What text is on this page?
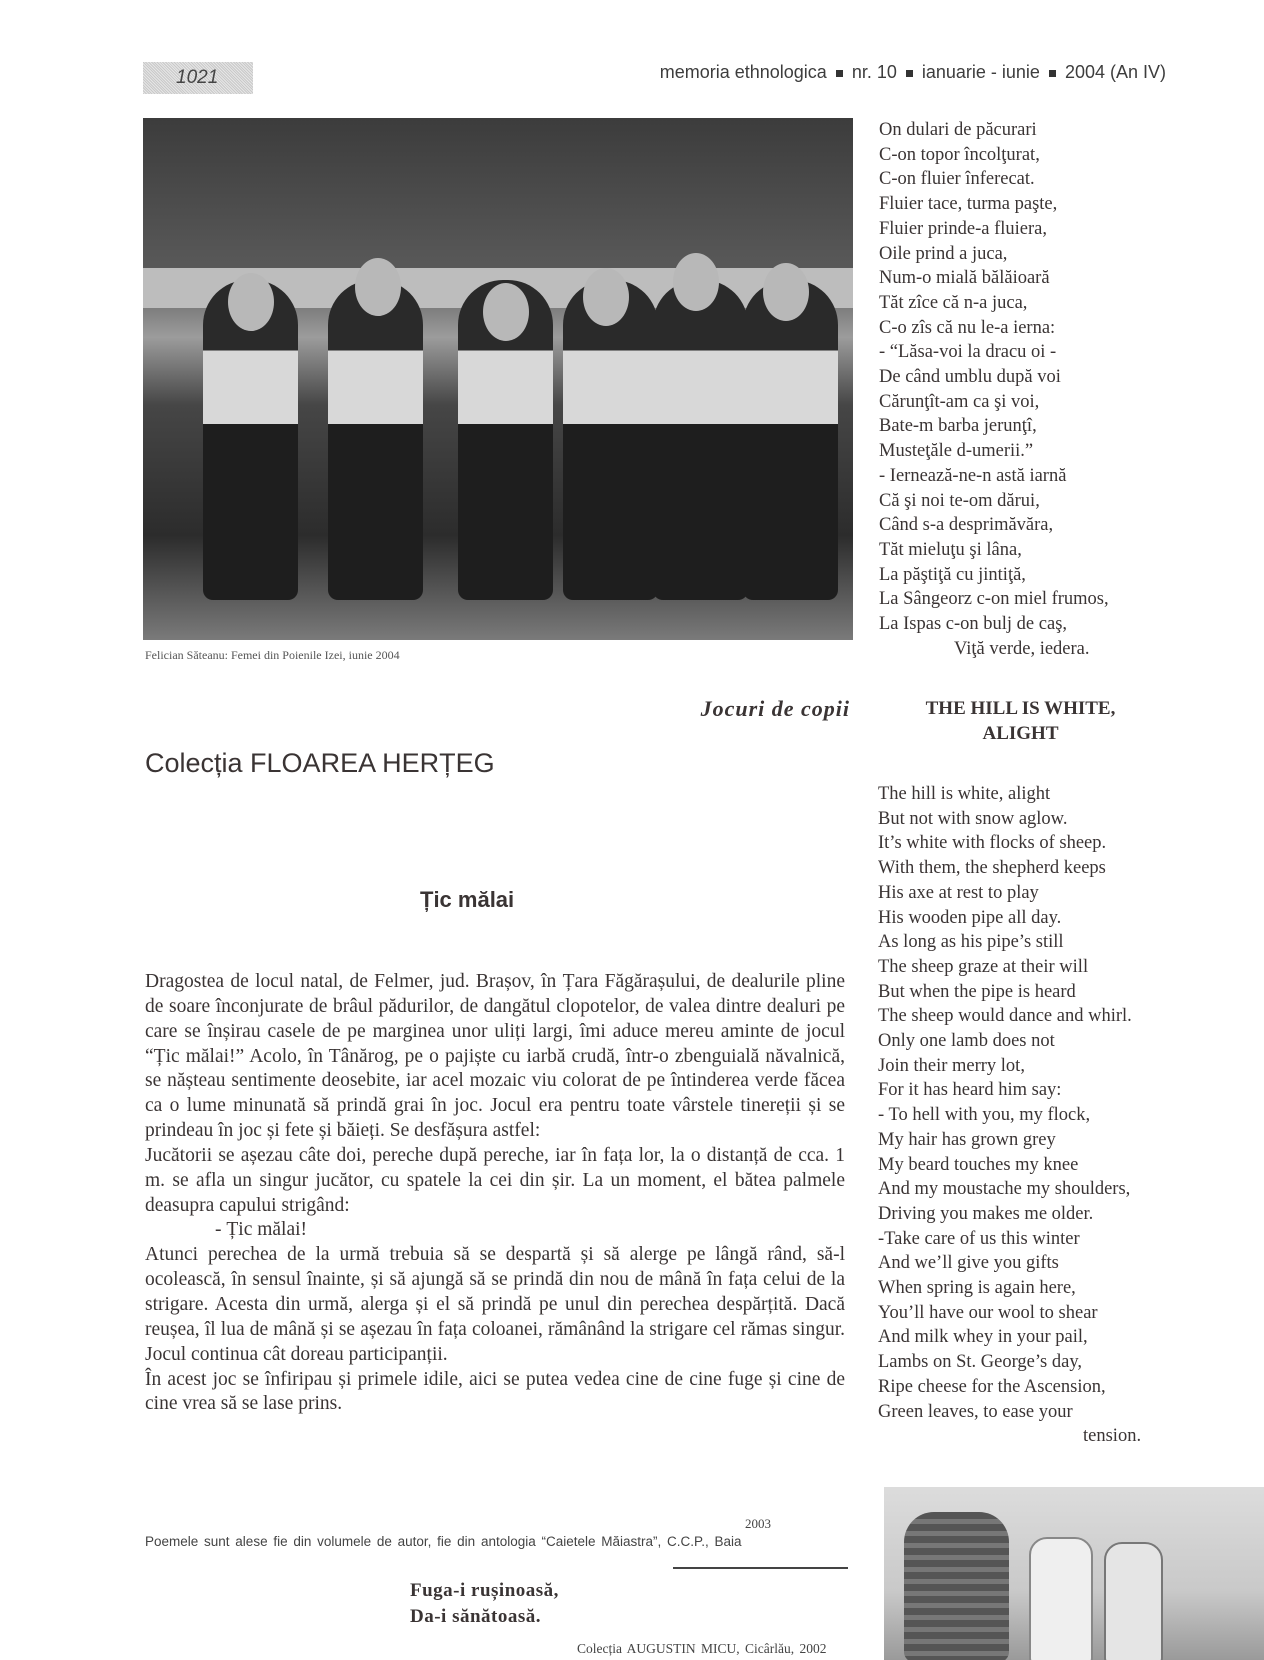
1021	memoria ethnologica nr. 10 ianuarie - iunie 2004 (An IV)
Felician Săteanu: Femei din Poienile Izei, iunie 2004
On dulari de păcurari
C-on topor încolţurat,
C-on fluier înferecat.
Fluier tace, turma paşte,
Fluier prinde-a fluiera,
Oile prind a juca,
Num-o mială bălăioară
Tăt zîce că n-a juca,
C-o zîs că nu le-a ierna:
- “Lăsa-voi la dracu oi -
De când umblu după voi
Cărunţît-am ca şi voi,
Bate-m barba jerunţî,
Musteţăle d-umerii.”
- Iernează-ne-n astă iarnă
Că şi noi te-om dărui,
Când s-a desprimăvăra,
Tăt mieluţu şi lâna,
La păştiţă cu jintiţă,
La Sângeorz c-on miel frumos,
La Ispas c-on bulj de caş,
Viţă verde, iedera.
Jocuri de copii	THE HILL IS WHITE,
ALIGHT
Colecția FLOAREA HERȚEG
Țic mălai

Dragostea de locul natal, de Felmer, jud. Brașov, în Țara Făgărașului, de dealurile pline de soare înconjurate de brâul pădurilor, de dangătul clopotelor, de valea dintre dealuri pe care se înșirau casele de pe marginea unor uliți largi, îmi aduce mereu aminte de jocul “Țic mălai!” Acolo, în Tânărog, pe o pajiște cu iarbă crudă, într-o zbenguială năvalnică, se nășteau sentimente deosebite, iar acel mozaic viu colorat de pe întinderea verde făcea ca o lume minunată să prindă grai în joc. Jocul era pentru toate vârstele tinereții și se prindeau în joc și fete și băieți. Se desfășura astfel:

Jucătorii se așezau câte doi, pereche după pereche, iar în fața lor, la o distanță de cca. 1 m. se afla un singur jucător, cu spatele la cei din șir. La un moment, el bătea palmele deasupra capului strigând:

- Țic mălai!

Atunci perechea de la urmă trebuia să se despartă și să alerge pe lângă rând, să-l ocolească, în sensul înainte, și să ajungă să se prindă din nou de mână în fața celui de la strigare. Acesta din urmă, alerga și el să prindă pe unul din perechea despărțită. Dacă reușea, îl lua de mână și se așezau în fața coloanei, rămânând la strigare cel rămas singur. Jocul continua cât doreau participanții.

În acest joc se înfiripau și primele idile, aici se putea vedea cine de cine fuge și cine de cine vrea să se lase prins.

2003
Poemele sunt alese fie din volumele de autor, fie din antologia “Caietele Măiastra”, C.C.P., Baia
Fuga-i rușinoasă,
Da-i sănătoasă.
Colecția AUGUSTIN MICU, Cicârlău, 2002
The hill is white, alight
But not with snow aglow.
It’s white with flocks of sheep.
With them, the shepherd keeps
His axe at rest to play
His wooden pipe all day.
As long as his pipe’s still
The sheep graze at their will
But when the pipe is heard
The sheep would dance and whirl.
Only one lamb does not
Join their merry lot,
For it has heard him say:
- To hell with you, my flock,
My hair has grown grey
My beard touches my knee
And my moustache my shoulders,
Driving you makes me older.
-Take care of us this winter
And we’ll give you gifts
When spring is again here,
You’ll have our wool to shear
And milk whey in your pail,
Lambs on St. George’s day,
Ripe cheese for the Ascension,
Green leaves, to ease your
tension.
